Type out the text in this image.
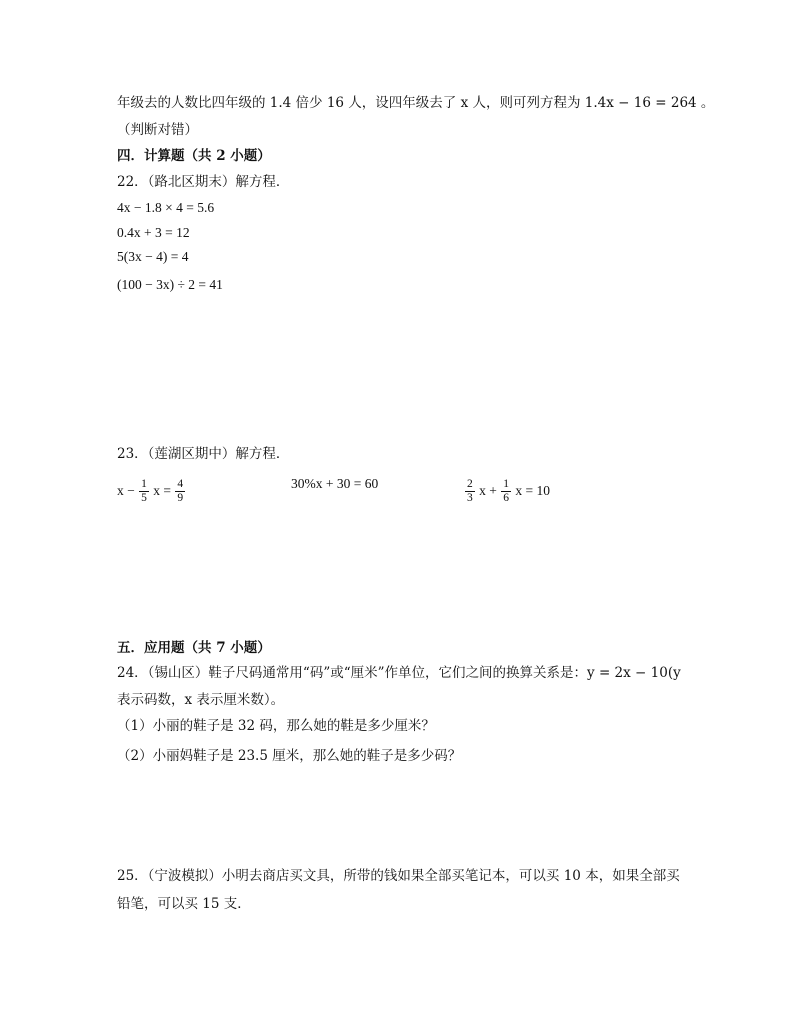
年级去的人数比四年级的 1.4 倍少 16 人，设四年级去了 x 人，则可列方程为 1.4x − 16 = 264 。
（判断对错）
四．计算题（共 2 小题）
22．（路北区期末）解方程．
4x − 1.8 × 4 = 5.6
0.4x + 3 = 12
5(3x − 4) = 4
(100 − 3x) ÷ 2 = 41
23．（莲湖区期中）解方程．
$x - \frac{1}{5}$ $x = \frac{4}{9}$	30%x + 30 = 60	$\frac{2}{3}$ $x + \frac{1}{6}$ x = 10
五．应用题（共 7 小题）
24．（锡山区）鞋子尺码通常用“码”或“厘米”作单位，它们之间的换算关系是：y = 2x − 10(y
表示码数，x 表示厘米数）。
（1）小丽的鞋子是 32 码，那么她的鞋是多少厘米？
（2）小丽妈鞋子是 23.5 厘米，那么她的鞋子是多少码？
25．（宁波模拟）小明去商店买文具，所带的钱如果全部买笔记本，可以买 10 本，如果全部买
铅笔，可以买 15 支．
